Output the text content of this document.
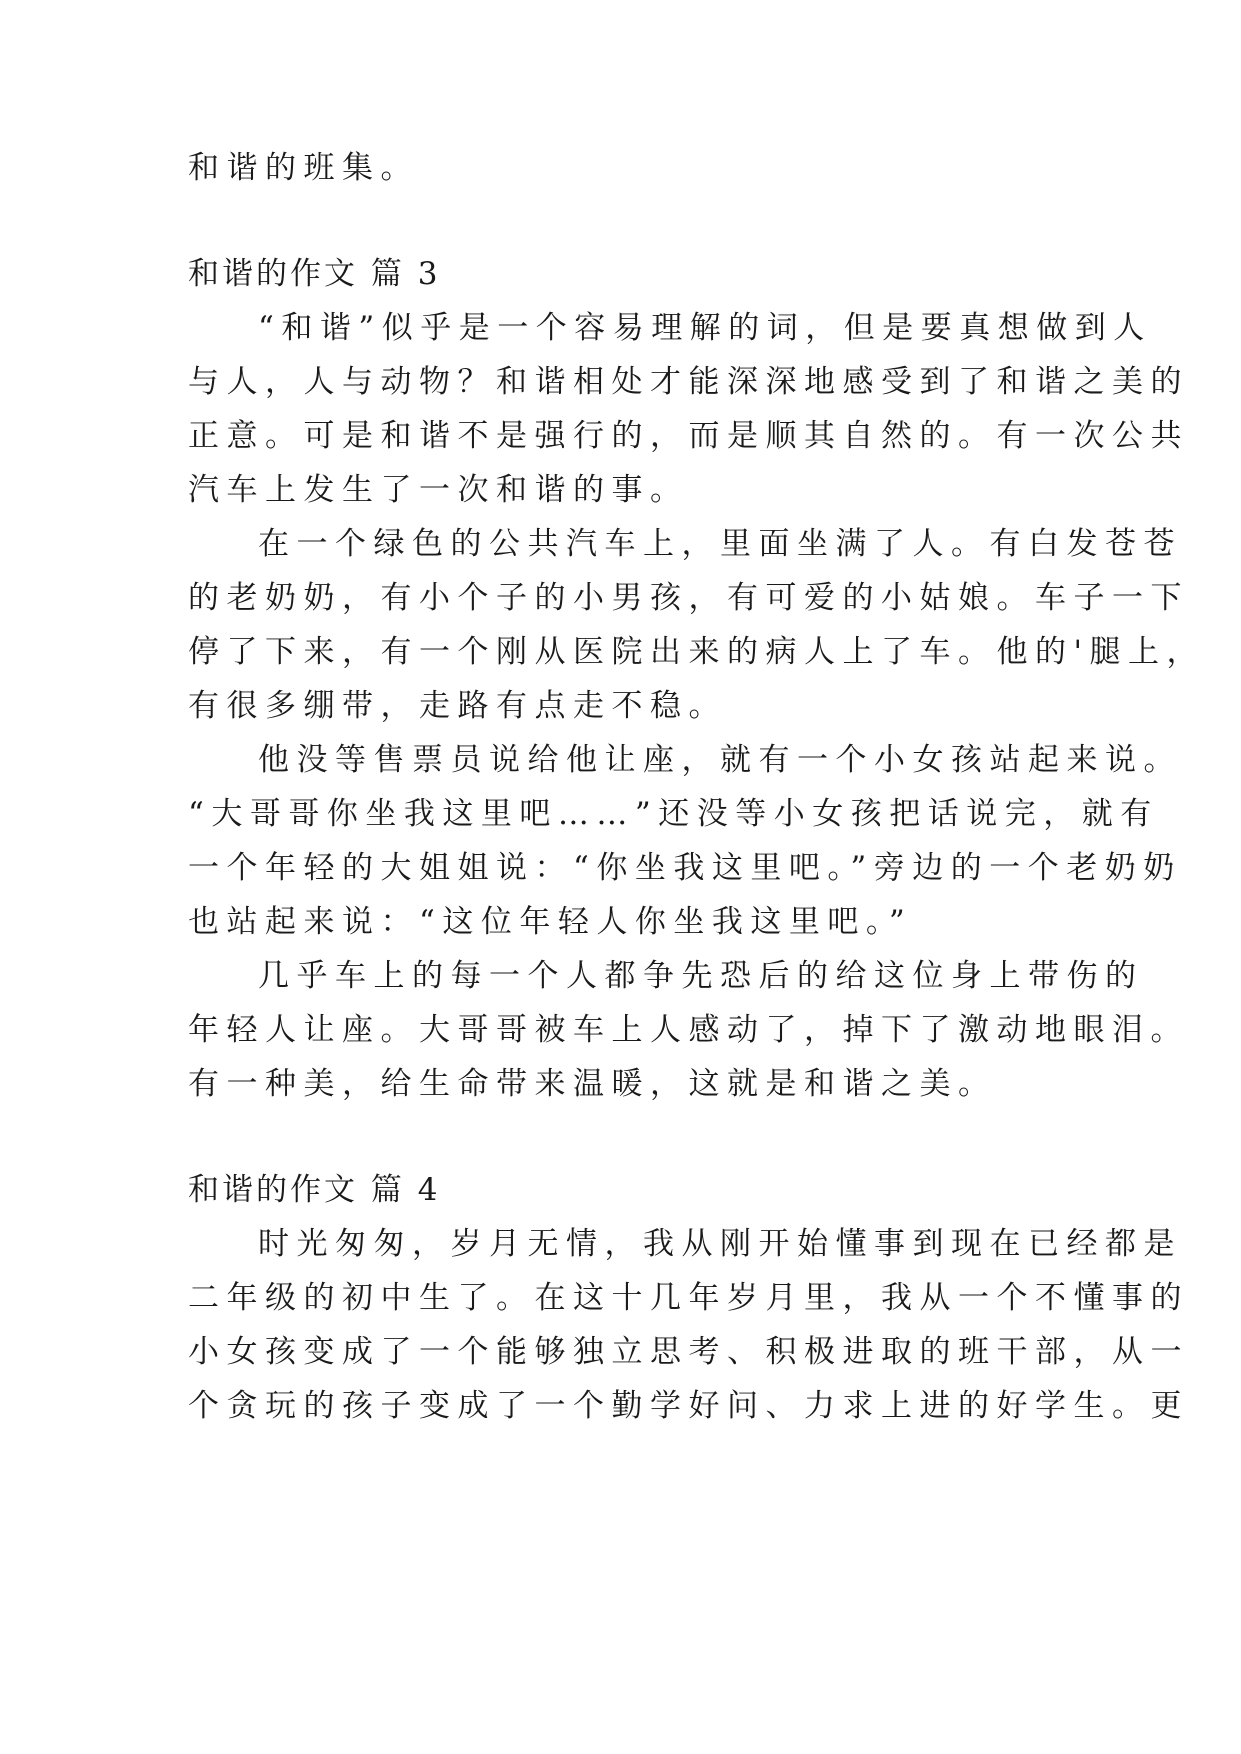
和谐的班集。
和谐的作文 篇 3
“和谐”似乎是一个容易理解的词，但是要真想做到人
与人，人与动物？和谐相处才能深深地感受到了和谐之美的
正意。可是和谐不是强行的，而是顺其自然的。有一次公共
汽车上发生了一次和谐的事。
在一个绿色的公共汽车上，里面坐满了人。有白发苍苍
的老奶奶，有小个子的小男孩，有可爱的小姑娘。车子一下
停了下来，有一个刚从医院出来的病人上了车。他的'腿上，
有很多绷带，走路有点走不稳。
他没等售票员说给他让座，就有一个小女孩站起来说。
“大哥哥你坐我这里吧……”还没等小女孩把话说完，就有
一个年轻的大姐姐说：“你坐我这里吧。”旁边的一个老奶奶
也站起来说：“这位年轻人你坐我这里吧。”
几乎车上的每一个人都争先恐后的给这位身上带伤的
年轻人让座。大哥哥被车上人感动了，掉下了激动地眼泪。
有一种美，给生命带来温暖，这就是和谐之美。
和谐的作文 篇 4
时光匆匆，岁月无情，我从刚开始懂事到现在已经都是
二年级的初中生了。在这十几年岁月里，我从一个不懂事的
小女孩变成了一个能够独立思考、积极进取的班干部，从一
个贪玩的孩子变成了一个勤学好问、力求上进的好学生。更
